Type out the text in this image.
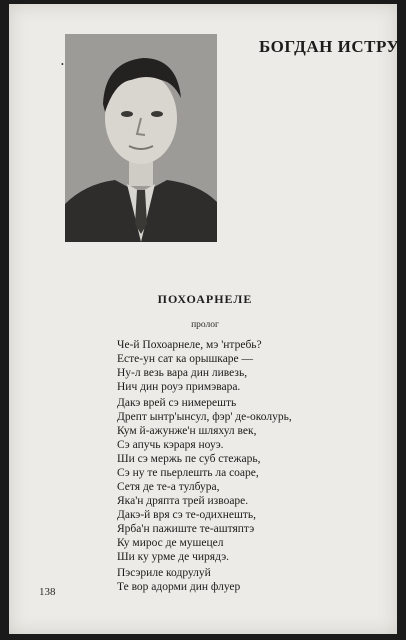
•
БОГДАН ИСТРУ
ПОХОАРНЕЛЕ
пролог
Че-й Похоарнеле, мэ 'нтребь?
Есте-ун сат ка орышкаре —
Ну-л везь вара дин ливезь,
Нич дин роуэ примэвара.
Дакэ врей сэ нимерешть
Дрепт ынтр'ынсул, фэр' де-околурь,
Кум й-ажунже'н шляхул век,
Сэ апучь кэраря ноуэ.
Ши сэ мержь пе суб стежарь,
Сэ ну те пьерлешть ла соаре,
Сетя де те-а тулбура,
Яка'н дряпта трей извоаре.
Дакэ-й вря сэ те-одихнешть,
Ярба'н пажиште те-аштяптэ
Ку мирос де мушецел
Ши ку урме де чирядэ.
Пэсэриле кодрулуй
Те вор адорми дин флуер
138
